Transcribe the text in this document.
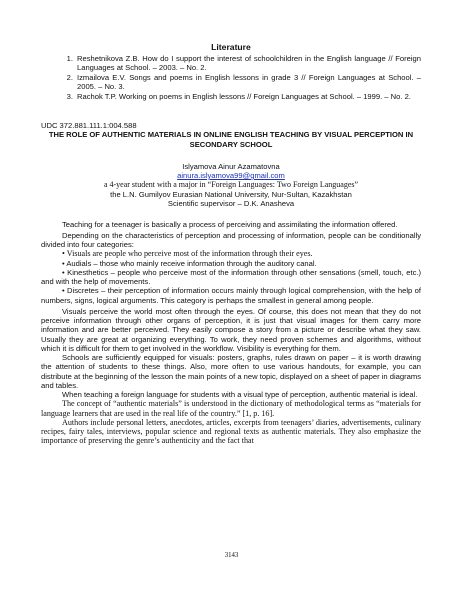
Literature
1. Reshetnikova Z.B. How do I support the interest of schoolchildren in the English language // Foreign Languages at School. – 2003. – No. 2.
2. Izmailova E.V. Songs and poems in English lessons in grade 3 // Foreign Languages at School. – 2005. – No. 3.
3. Rachok T.P. Working on poems in English lessons // Foreign Languages at School. – 1999. – No. 2.
UDC 372.881.111.1:004.588
THE ROLE OF AUTHENTIC MATERIALS IN ONLINE ENGLISH TEACHING BY VISUAL PERCEPTION IN SECONDARY SCHOOL
Islyamova Ainur Azamatovna
ainura.islyamova99@gmail.com
a 4-year student with a major in “Foreign Languages: Two Foreign Languages”
the L.N. Gumilyov Eurasian National University, Nur-Sultan, Kazakhstan
Scientific supervisor – D.K. Anasheva

Teaching for a teenager is basically a process of perceiving and assimilating the information offered.

Depending on the characteristics of perception and processing of information, people can be conditionally divided into four categories:

• Visuals are people who perceive most of the information through their eyes.

• Audials – those who mainly receive information through the auditory canal.

• Kinesthetics – people who perceive most of the information through other sensations (smell, touch, etc.) and with the help of movements.

• Discretes – their perception of information occurs mainly through logical comprehension, with the help of numbers, signs, logical arguments. This category is perhaps the smallest in general among people.

Visuals perceive the world most often through the eyes. Of course, this does not mean that they do not perceive information through other organs of perception, it is just that visual images for them carry more information and are better perceived. They easily compose a story from a picture or describe what they saw. Usually they are great at organizing everything. To work, they need proven schemes and algorithms, without which it is difficult for them to get involved in the workflow. Visibility is everything for them.

Schools are sufficiently equipped for visuals: posters, graphs, rules drawn on paper – it is worth drawing the attention of students to these things. Also, more often to use various handouts, for example, you can distribute at the beginning of the lesson the main points of a new topic, displayed on a sheet of paper in diagrams and tables.

When teaching a foreign language for students with a visual type of perception, authentic material is ideal.

The concept of “authentic materials” is understood in the dictionary of methodological terms as “materials for language learners that are used in the real life of the country.” [1, p. 16].

Authors include personal letters, anecdotes, articles, excerpts from teenagers’ diaries, advertisements, culinary recipes, fairy tales, interviews, popular science and regional texts as authentic materials. They also emphasize the importance of preserving the genre’s authenticity and the fact that

3143
